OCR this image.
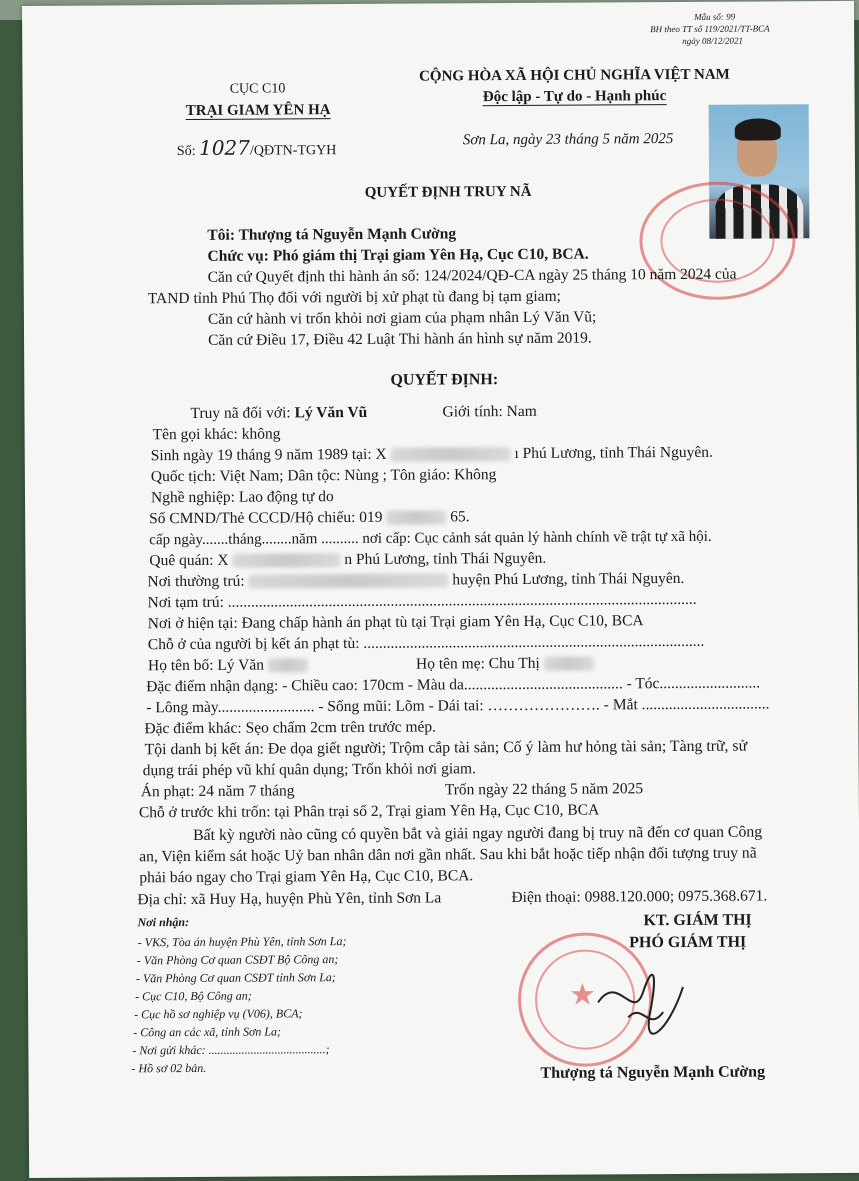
Mẫu số: 99
BH theo TT số 119/2021/TT-BCA
ngày 08/12/2021
CỤC C10
TRẠI GIAM YÊN HẠ
Số: 1027/QĐTN-TGYH
CỘNG HÒA XÃ HỘI CHỦ NGHĨA VIỆT NAM
Độc lập - Tự do - Hạnh phúc
Sơn La, ngày 23 tháng 5 năm 2025
QUYẾT ĐỊNH TRUY NÃ
Tôi: Thượng tá Nguyễn Mạnh Cường
Chức vụ: Phó giám thị Trại giam Yên Hạ, Cục C10, BCA.
Căn cứ Quyết định thi hành án số: 124/2024/QĐ-CA ngày 25 tháng 10 năm 2024 của
TAND tỉnh Phú Thọ đối với người bị xử phạt tù đang bị tạm giam;
Căn cứ hành vi trốn khỏi nơi giam của phạm nhân Lý Văn Vũ;
Căn cứ Điều 17, Điều 42 Luật Thi hành án hình sự năm 2019.
QUYẾT ĐỊNH:
Truy nã đối với: Lý Văn Vũ	Giới tính: Nam
Tên gọi khác: không
Sinh ngày 19 tháng 9 năm 1989 tại: X	ı Phú Lương, tỉnh Thái Nguyên.
Quốc tịch: Việt Nam; Dân tộc: Nùng ; Tôn giáo: Không
Nghề nghiệp: Lao động tự do
Số CMND/Thẻ CCCD/Hộ chiếu: 019	65.
cấp ngày.......tháng........năm .......... nơi cấp: Cục cảnh sát quản lý hành chính về trật tự xã hội.
Quê quán: X	n Phú Lương, tỉnh Thái Nguyên.
Nơi thường trú:	huyện Phú Lương, tỉnh Thái Nguyên.
Nơi tạm trú: .........................................................................................................................
Nơi ở hiện tại: Đang chấp hành án phạt tù tại Trại giam Yên Hạ, Cục C10, BCA
Chỗ ở của người bị kết án phạt tù: ........................................................................................
Họ tên bố: Lý Văn	Họ tên mẹ: Chu Thị
Đặc điểm nhận dạng: - Chiều cao: 170cm - Màu da......................................... - Tóc..........................
- Lông mày......................... - Sống mũi: Lõm - Dái tai: …………………. - Mắt .................................
Đặc điểm khác: Sẹo chấm 2cm trên trước mép.
Tội danh bị kết án: Đe dọa giết người; Trộm cắp tài sản; Cố ý làm hư hỏng tài sản; Tàng trữ, sử
dụng trái phép vũ khí quân dụng; Trốn khỏi nơi giam.
Án phạt: 24 năm 7 tháng	Trốn ngày 22 tháng 5 năm 2025
Chỗ ở trước khi trốn: tại Phân trại số 2, Trại giam Yên Hạ, Cục C10, BCA
Bất kỳ người nào cũng có quyền bắt và giải ngay người đang bị truy nã đến cơ quan Công
an, Viện kiểm sát hoặc Uỷ ban nhân dân nơi gần nhất. Sau khi bắt hoặc tiếp nhận đối tượng truy nã
phải báo ngay cho Trại giam Yên Hạ, Cục C10, BCA.
Địa chỉ: xã Huy Hạ, huyện Phù Yên, tỉnh Sơn La	Điện thoại: 0988.120.000; 0975.368.671.
Nơi nhận:
- VKS, Tòa án huyện Phù Yên, tỉnh Sơn La;
- Văn Phòng Cơ quan CSĐT Bộ Công an;
- Văn Phòng Cơ quan CSĐT tỉnh Sơn La;
- Cục C10, Bộ Công an;
- Cục hồ sơ nghiệp vụ (V06), BCA;
- Công an các xã, tỉnh Sơn La;
- Nơi gửi khác: .......................................;
- Hồ sơ 02 bản.
KT. GIÁM THỊ
PHÓ GIÁM THỊ
★
Thượng tá Nguyễn Mạnh Cường
